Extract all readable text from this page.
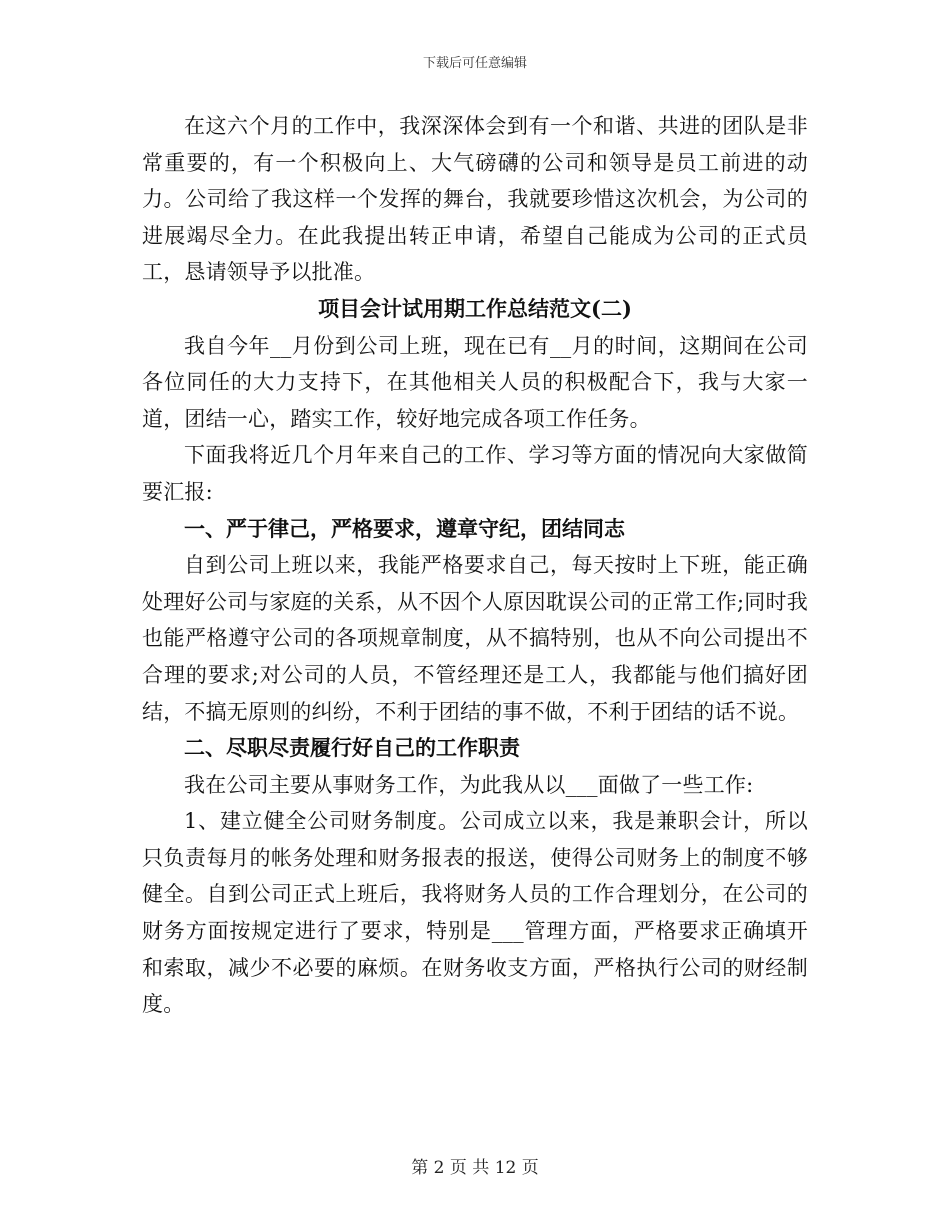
下载后可任意编辑

在这六个月的工作中，我深深体会到有一个和谐、共进的团队是非常重要的，有一个积极向上、大气磅礴的公司和领导是员工前进的动力。公司给了我这样一个发挥的舞台，我就要珍惜这次机会，为公司的进展竭尽全力。在此我提出转正申请，希望自己能成为公司的正式员工，恳请领导予以批准。

项目会计试用期工作总结范文(二)

我自今年__月份到公司上班，现在已有__月的时间，这期间在公司各位同任的大力支持下，在其他相关人员的积极配合下，我与大家一道，团结一心，踏实工作，较好地完成各项工作任务。

下面我将近几个月年来自己的工作、学习等方面的情况向大家做简要汇报:

一、严于律己，严格要求，遵章守纪，团结同志

自到公司上班以来，我能严格要求自己，每天按时上下班，能正确处理好公司与家庭的关系，从不因个人原因耽误公司的正常工作;同时我也能严格遵守公司的各项规章制度，从不搞特别，也从不向公司提出不合理的要求;对公司的人员，不管经理还是工人，我都能与他们搞好团结，不搞无原则的纠纷，不利于团结的事不做，不利于团结的话不说。

二、尽职尽责履行好自己的工作职责

我在公司主要从事财务工作，为此我从以___面做了一些工作:

1、建立健全公司财务制度。公司成立以来，我是兼职会计，所以只负责每月的帐务处理和财务报表的报送，使得公司财务上的制度不够健全。自到公司正式上班后，我将财务人员的工作合理划分，在公司的财务方面按规定进行了要求，特别是___管理方面，严格要求正确填开和索取，减少不必要的麻烦。在财务收支方面，严格执行公司的财经制度。

第 2 页 共 12 页
